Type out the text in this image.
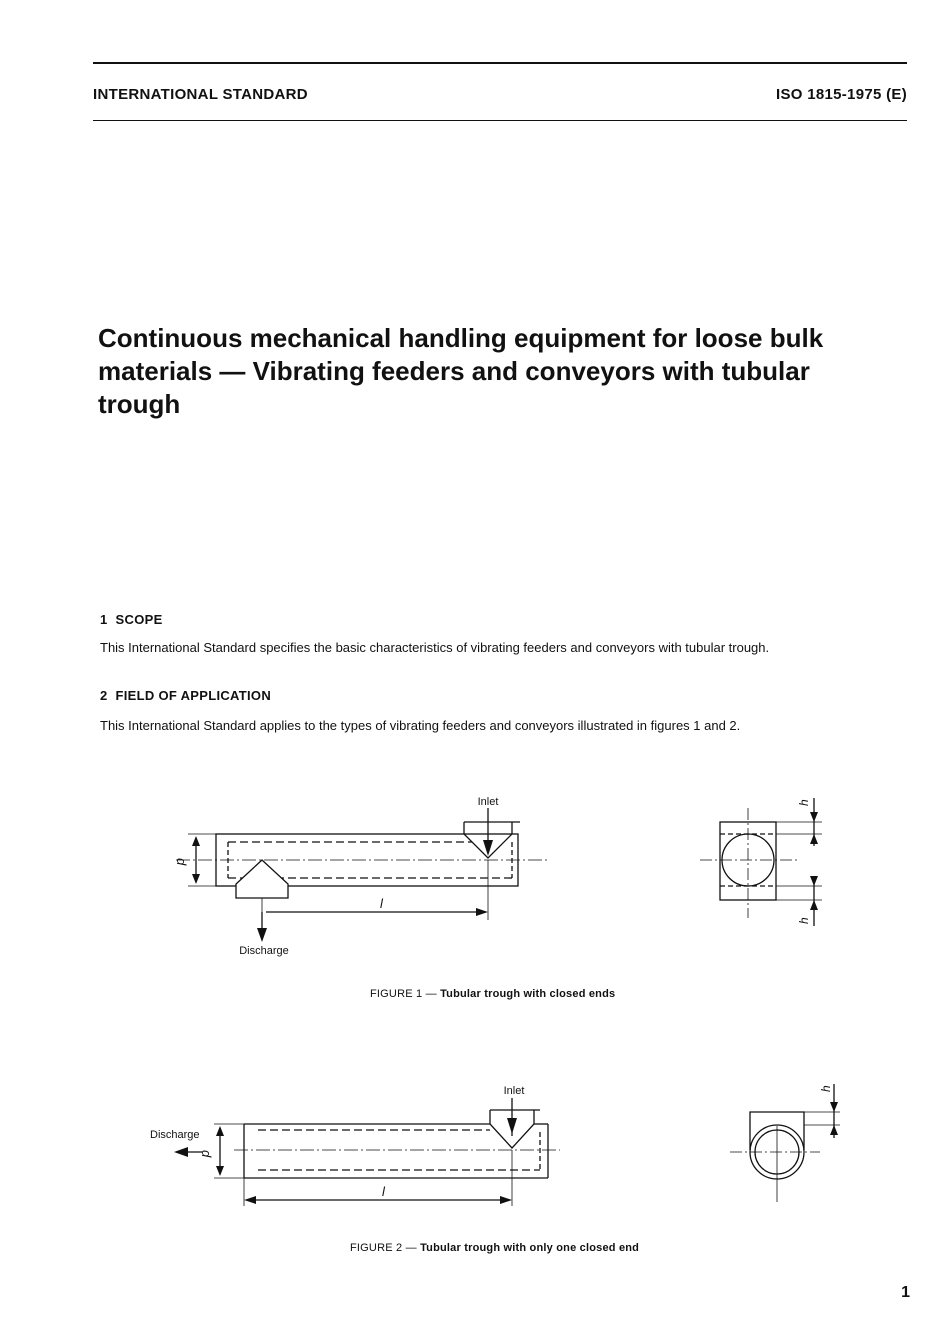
INTERNATIONAL STANDARD	ISO 1815-1975 (E)
Continuous mechanical handling equipment for loose bulk materials — Vibrating feeders and conveyors with tubular trough
1 SCOPE
This International Standard specifies the basic characteristics of vibrating feeders and conveyors with tubular trough.
2 FIELD OF APPLICATION
This International Standard applies to the types of vibrating feeders and conveyors illustrated in figures 1 and 2.
Inlet
Discharge
d
l
h
h
FIGURE 1 — Tubular trough with closed ends
Inlet
Discharge
d
l
h
FIGURE 2 — Tubular trough with only one closed end
1
